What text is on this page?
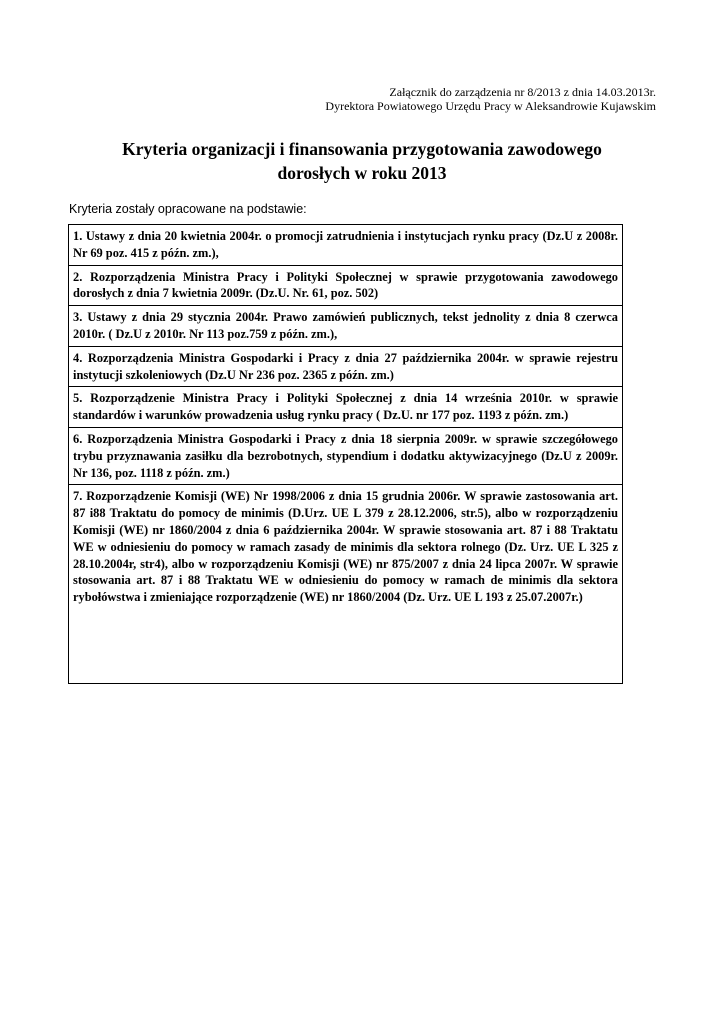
Załącznik do zarządzenia nr 8/2013 z dnia 14.03.2013r.
Dyrektora Powiatowego Urzędu Pracy w Aleksandrowie Kujawskim
Kryteria organizacji i finansowania przygotowania zawodowego
dorosłych w roku 2013
Kryteria zostały opracowane na podstawie:
1. Ustawy z dnia 20 kwietnia 2004r. o promocji zatrudnienia i instytucjach rynku pracy (Dz.U z 2008r. Nr 69 poz. 415 z późn. zm.),
2. Rozporządzenia Ministra Pracy i Polityki Społecznej w sprawie przygotowania zawodowego dorosłych z dnia 7 kwietnia 2009r. (Dz.U. Nr. 61, poz. 502)
3. Ustawy z dnia 29 stycznia 2004r. Prawo zamówień publicznych, tekst jednolity z dnia 8 czerwca 2010r. ( Dz.U z 2010r. Nr 113 poz.759 z późn. zm.),
4. Rozporządzenia Ministra Gospodarki i Pracy z dnia 27 października 2004r. w sprawie rejestru instytucji szkoleniowych (Dz.U Nr 236 poz. 2365 z późn. zm.)
5. Rozporządzenie Ministra Pracy i Polityki Społecznej z dnia 14 września 2010r. w sprawie standardów i warunków prowadzenia usług rynku pracy ( Dz.U. nr 177 poz. 1193 z późn. zm.)
6. Rozporządzenia Ministra Gospodarki i Pracy z dnia 18 sierpnia 2009r. w sprawie szczegółowego trybu przyznawania zasiłku dla bezrobotnych, stypendium i dodatku aktywizacyjnego (Dz.U z 2009r. Nr 136, poz. 1118 z późn. zm.)
7. Rozporządzenie Komisji (WE) Nr 1998/2006 z dnia 15 grudnia 2006r. W sprawie zastosowania art. 87 i88 Traktatu do pomocy de minimis (D.Urz. UE L 379 z 28.12.2006, str.5), albo w rozporządzeniu Komisji (WE) nr 1860/2004 z dnia 6 października 2004r. W sprawie stosowania art. 87 i 88 Traktatu WE w odniesieniu do pomocy w ramach zasady de minimis dla sektora rolnego (Dz. Urz. UE L 325 z 28.10.2004r, str4), albo w rozporządzeniu Komisji (WE) nr 875/2007 z dnia 24 lipca 2007r. W sprawie stosowania art. 87 i 88 Traktatu WE w odniesieniu do pomocy w ramach de minimis dla sektora rybołówstwa i zmieniające rozporządzenie (WE) nr 1860/2004 (Dz. Urz. UE L 193 z 25.07.2007r.)
